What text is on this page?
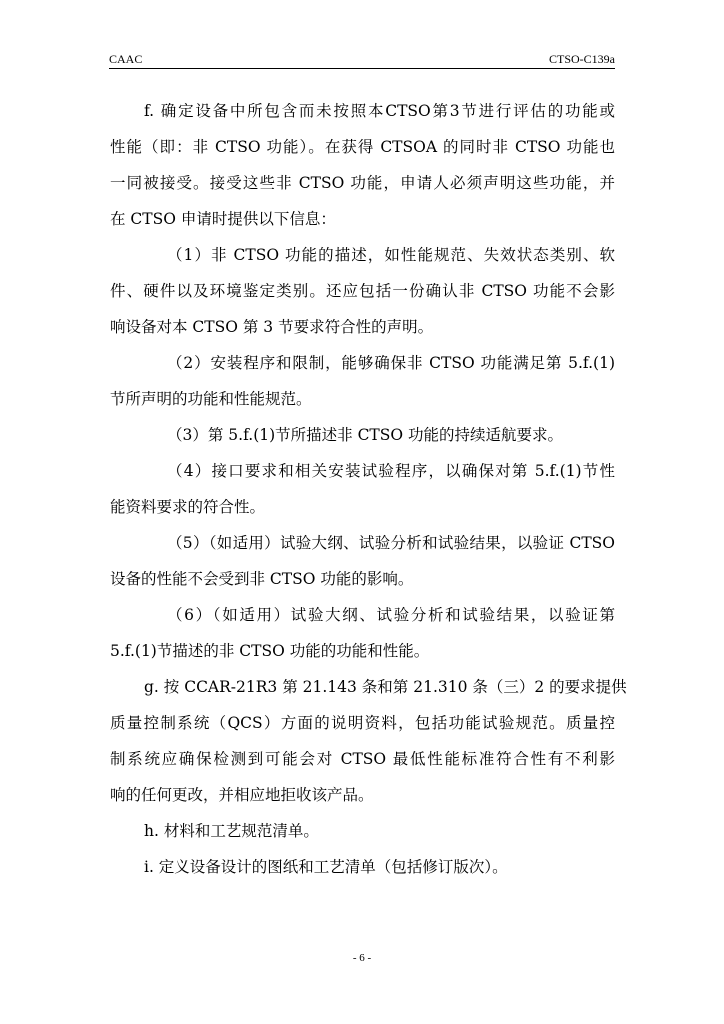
CAAC	CTSO-C139a
f. 确定设备中所包含而未按照本CTSO第3节进行评估的功能或
性能（即：非 CTSO 功能）。在获得 CTSOA 的同时非 CTSO 功能也
一同被接受。接受这些非 CTSO 功能，申请人必须声明这些功能，并
在 CTSO 申请时提供以下信息：
（1）非 CTSO 功能的描述，如性能规范、失效状态类别、软
件、硬件以及环境鉴定类别。还应包括一份确认非 CTSO 功能不会影
响设备对本 CTSO 第 3 节要求符合性的声明。
（2）安装程序和限制，能够确保非 CTSO 功能满足第 5.f.(1)
节所声明的功能和性能规范。
（3）第 5.f.(1)节所描述非 CTSO 功能的持续适航要求。
（4）接口要求和相关安装试验程序，以确保对第 5.f.(1)节性
能资料要求的符合性。
（5）（如适用）试验大纲、试验分析和试验结果，以验证 CTSO
设备的性能不会受到非 CTSO 功能的影响。
（6）（如适用）试验大纲、试验分析和试验结果，以验证第
5.f.(1)节描述的非 CTSO 功能的功能和性能。
g. 按 CCAR-21R3 第 21.143 条和第 21.310 条（三）2 的要求提供
质量控制系统（QCS）方面的说明资料，包括功能试验规范。质量控
制系统应确保检测到可能会对 CTSO 最低性能标准符合性有不利影
响的任何更改，并相应地拒收该产品。
h. 材料和工艺规范清单。
i. 定义设备设计的图纸和工艺清单（包括修订版次）。
- 6 -
